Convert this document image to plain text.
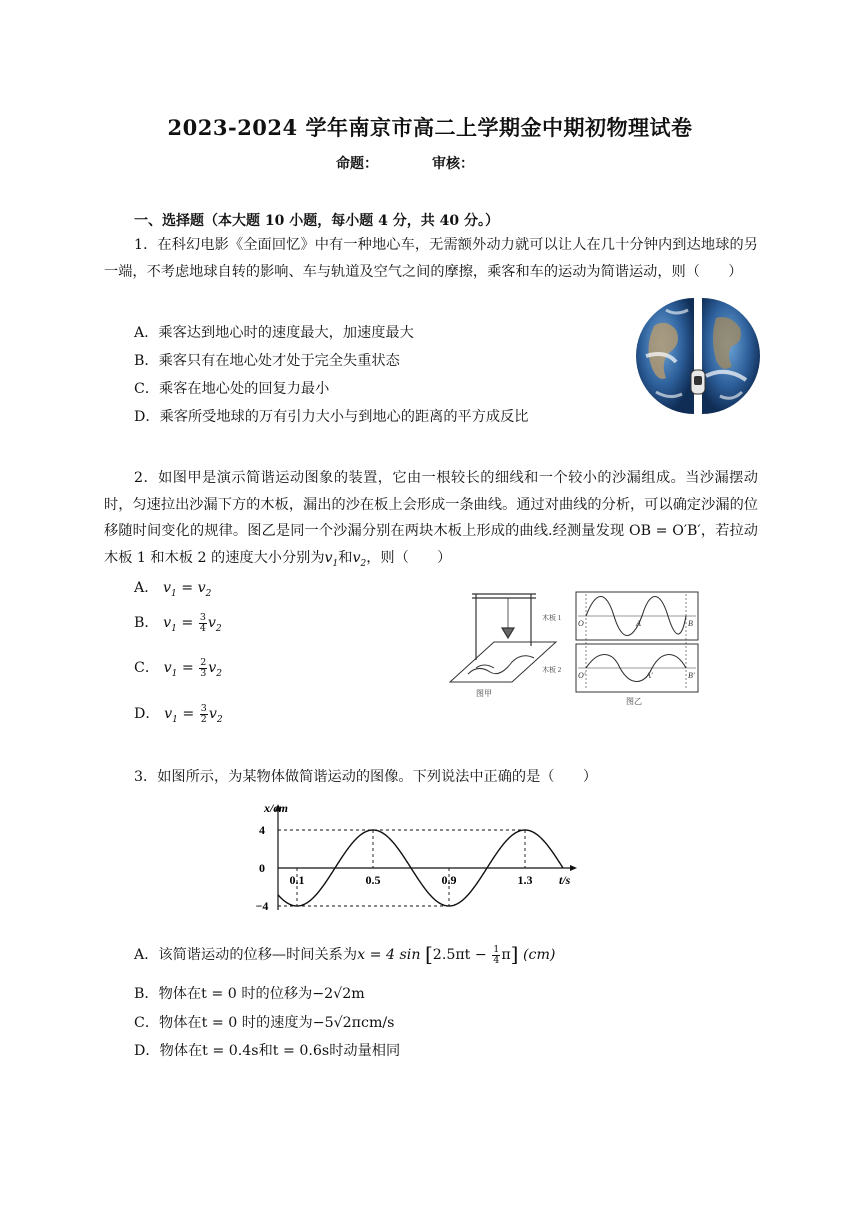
2023-2024 学年南京市高二上学期金中期初物理试卷
命题：	审核：
一、选择题（本大题 10 小题，每小题 4 分，共 40 分。）
1．在科幻电影《全面回忆》中有一种地心车，无需额外动力就可以让人在几十分钟内到达地球的另一端，不考虑地球自转的影响、车与轨道及空气之间的摩擦，乘客和车的运动为简谐运动，则（　　）
A．乘客达到地心时的速度最大，加速度最大
B．乘客只有在地心处才处于完全失重状态
C．乘客在地心处的回复力最小
D．乘客所受地球的万有引力大小与到地心的距离的平方成反比
2．如图甲是演示简谐运动图象的装置，它由一根较长的细线和一个较小的沙漏组成。当沙漏摆动时，匀速拉出沙漏下方的木板，漏出的沙在板上会形成一条曲线。通过对曲线的分析，可以确定沙漏的位移随时间变化的规律。图乙是同一个沙漏分别在两块木板上形成的曲线.经测量发现 OB = O′B′，若拉动木板 1 和木板 2 的速度大小分别为$v_1$和$v_2$，则（　　）
A． $v_1 = v_2$
B． $v_1 = \frac{3}{4} v_2$
C． $v_1 = \frac{2}{3} v_2$
D． $v_1 = \frac{3}{2} v_2$
图甲
木板 1
木板 2
O	A	B
O′	A′	B′
图乙
3．如图所示，为某物体做简谐运动的图像。下列说法中正确的是（　　）
t/s
x/cm
4
0
−4
0.1	0.5	0.9	1.3
A．该简谐运动的位移—时间关系为x = 4 $\sin [2.5\pi t - \frac{1}{4} \pi]$ (cm)
B．物体在t = 0 时的位移为−2√2m
C．物体在t = 0 时的速度为−5√2πcm/s
D．物体在t = 0.4s和t = 0.6s时动量相同
